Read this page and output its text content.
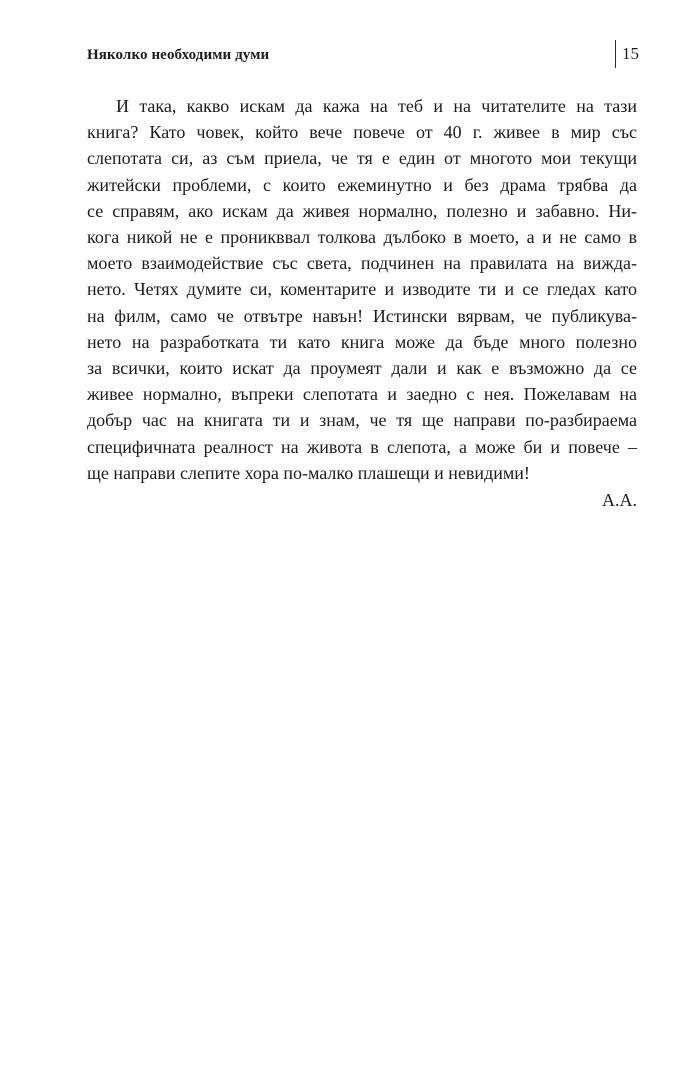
Няколко необходими думи	15
И така, какво искам да кажа на теб и на читателите на тази
книга? Като човек, който вече повече от 40 г. живее в мир със
слепотата си, аз съм приела, че тя е един от многото мои текущи
житейски проблеми, с които ежеминутно и без драма трябва да
се справям, ако искам да живея нормално, полезно и забавно. Ни-
кога никой не е проникввал толкова дълбоко в моето, а и не само в
моето взаимодействие със света, подчинен на правилата на вижда-
нето. Четях думите си, коментарите и изводите ти и се гледах като
на филм, само че отвътре навън! Истински вярвам, че публикува-
нето на разработката ти като книга може да бъде много полезно
за всички, които искат да проумеят дали и как е възможно да се
живее нормално, въпреки слепотата и заедно с нея. Пожелавам на
добър час на книгата ти и знам, че тя ще направи по-разбираема
специфичната реалност на живота в слепота, а може би и повече –
ще направи слепите хора по-малко плашещи и невидими!
А.А.
